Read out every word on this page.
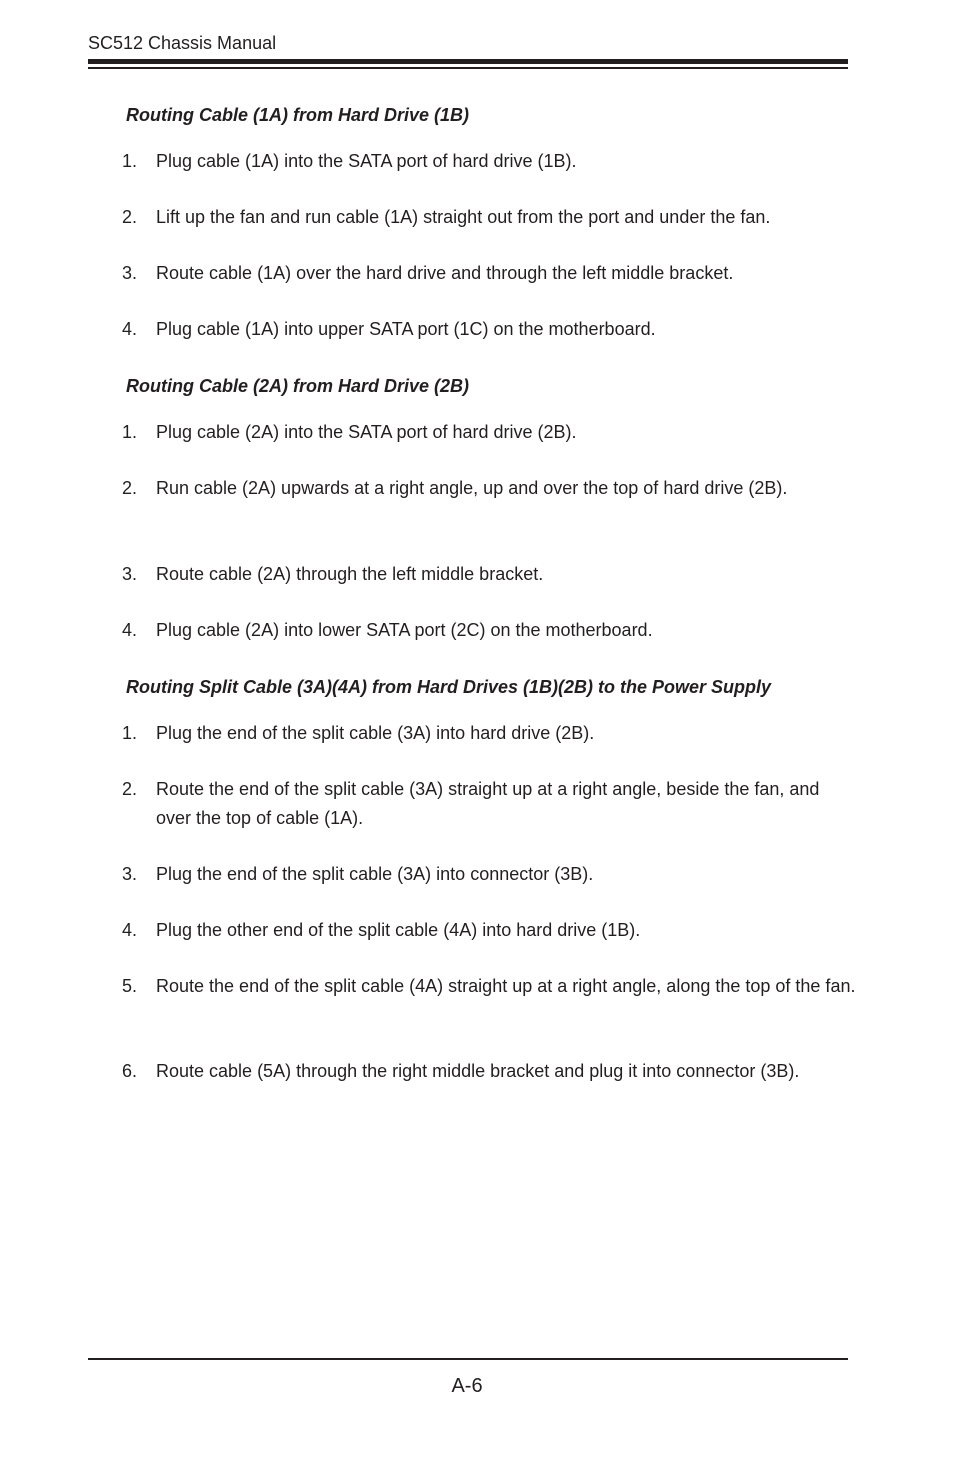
SC512 Chassis Manual
Routing Cable (1A) from Hard Drive (1B)
1.	Plug cable (1A) into the SATA port of hard drive (1B).
2.	Lift up the fan and run cable (1A) straight out from the port and under the fan.
3.	Route cable (1A) over the hard drive and through the left middle bracket.
4.	Plug cable (1A) into upper SATA port (1C) on the motherboard.
Routing Cable (2A) from Hard Drive (2B)
1.	Plug cable (2A) into the SATA port of hard drive (2B).
2.	Run cable (2A) upwards at a right angle, up and over the top of hard drive (2B).
3.	Route cable (2A) through the left middle bracket.
4.	Plug cable (2A) into lower SATA port (2C) on the motherboard.
Routing Split Cable (3A)(4A) from Hard Drives (1B)(2B) to the Power Supply
1.	Plug the end of the split cable (3A) into hard drive (2B).
2.	Route the end of the split cable (3A) straight up at a right angle, beside the fan, and over the top of cable (1A).
3.	Plug the end of the split cable (3A) into connector (3B).
4.	Plug the other end of the split cable (4A) into hard drive (1B).
5.	Route the end of the split cable (4A) straight up at a right angle, along the top of the fan.
6.	Route cable (5A) through the right middle bracket and plug it into connector (3B).
A-6
